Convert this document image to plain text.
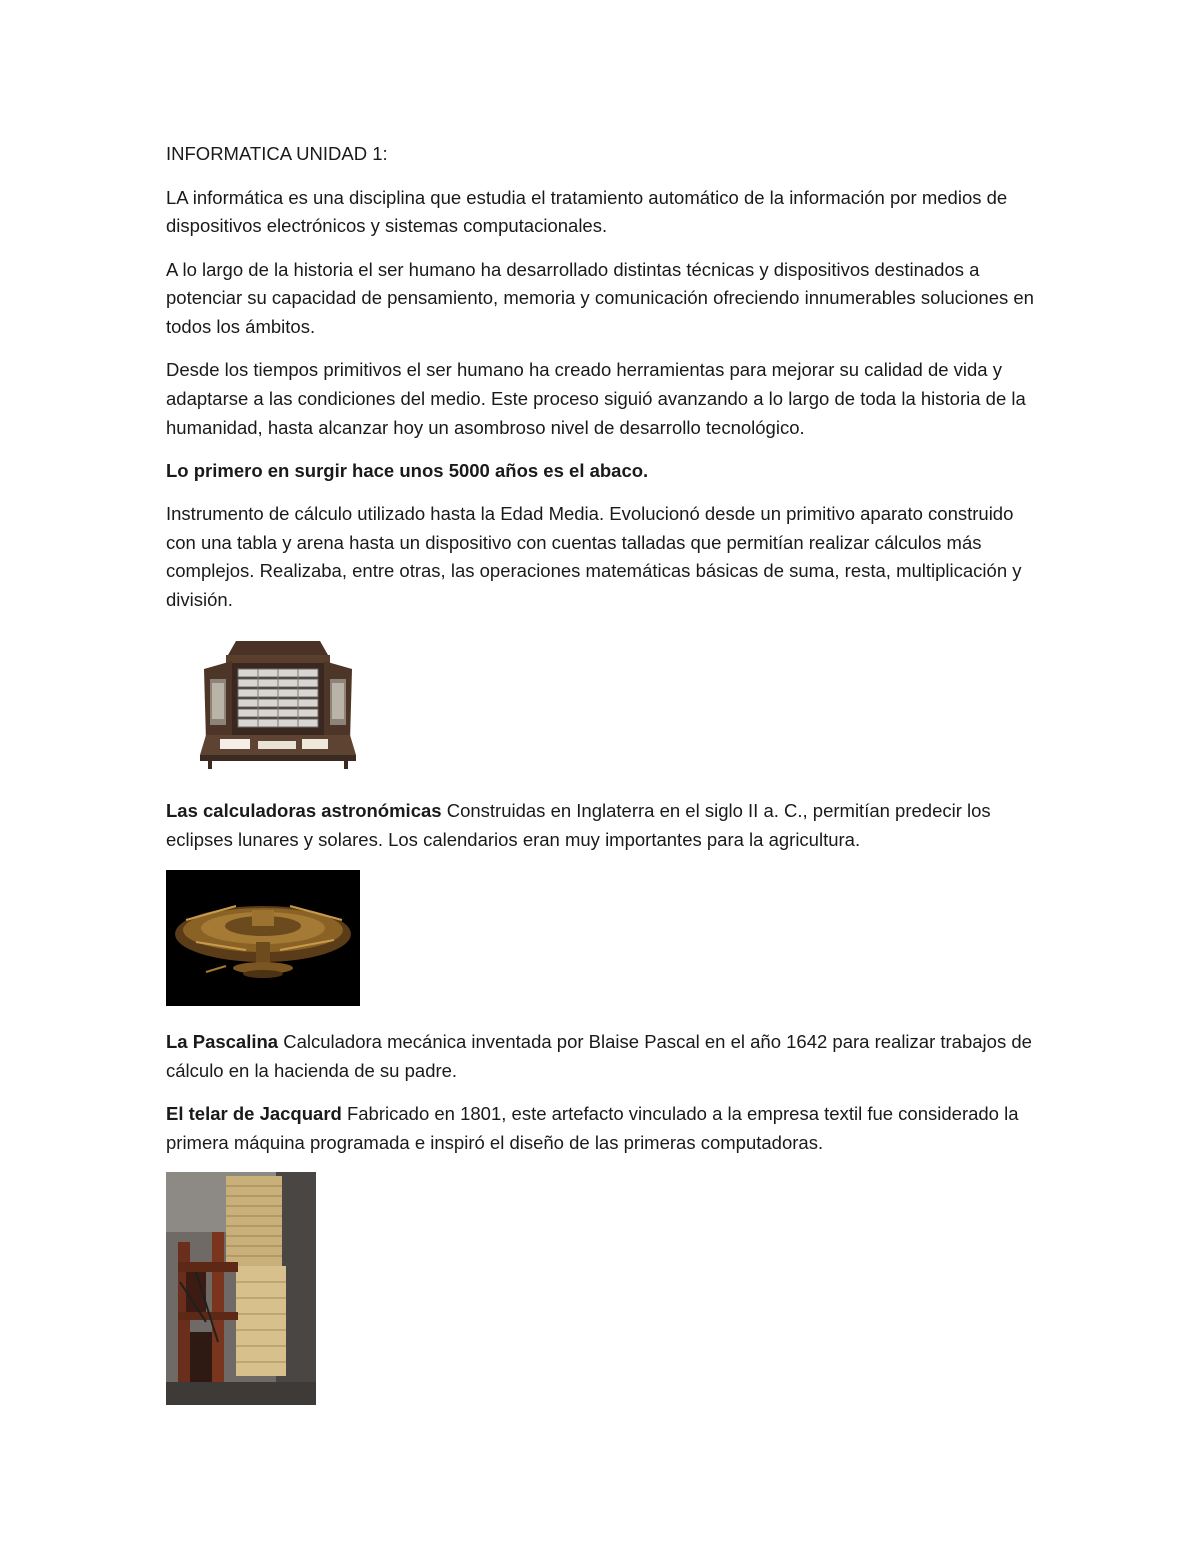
INFORMATICA UNIDAD 1:

LA informática es una disciplina que estudia el tratamiento automático de la información por medios de dispositivos electrónicos y sistemas computacionales.

A lo largo de la historia el ser humano ha desarrollado distintas técnicas y dispositivos destinados a potenciar su capacidad de pensamiento, memoria y comunicación ofreciendo innumerables soluciones en todos los ámbitos.

Desde los tiempos primitivos el ser humano ha creado herramientas para mejorar su calidad de vida y adaptarse a las condiciones del medio. Este proceso siguió avanzando a lo largo de toda la historia de la humanidad, hasta alcanzar hoy un asombroso nivel de desarrollo tecnológico.

Lo primero en surgir hace unos 5000 años es el abaco.

Instrumento de cálculo utilizado hasta la Edad Media. Evolucionó desde un primitivo aparato construido con una tabla y arena hasta un dispositivo con cuentas talladas que permitían realizar cálculos más complejos. Realizaba, entre otras, las operaciones matemáticas básicas de suma, resta, multiplicación y división.

Las calculadoras astronómicas Construidas en Inglaterra en el siglo II a. C., permitían predecir los eclipses lunares y solares. Los calendarios eran muy importantes para la agricultura.

La Pascalina Calculadora mecánica inventada por Blaise Pascal en el año 1642 para realizar trabajos de cálculo en la hacienda de su padre.

El telar de Jacquard Fabricado en 1801, este artefacto vinculado a la empresa textil fue considerado la primera máquina programada e inspiró el diseño de las primeras computadoras.
